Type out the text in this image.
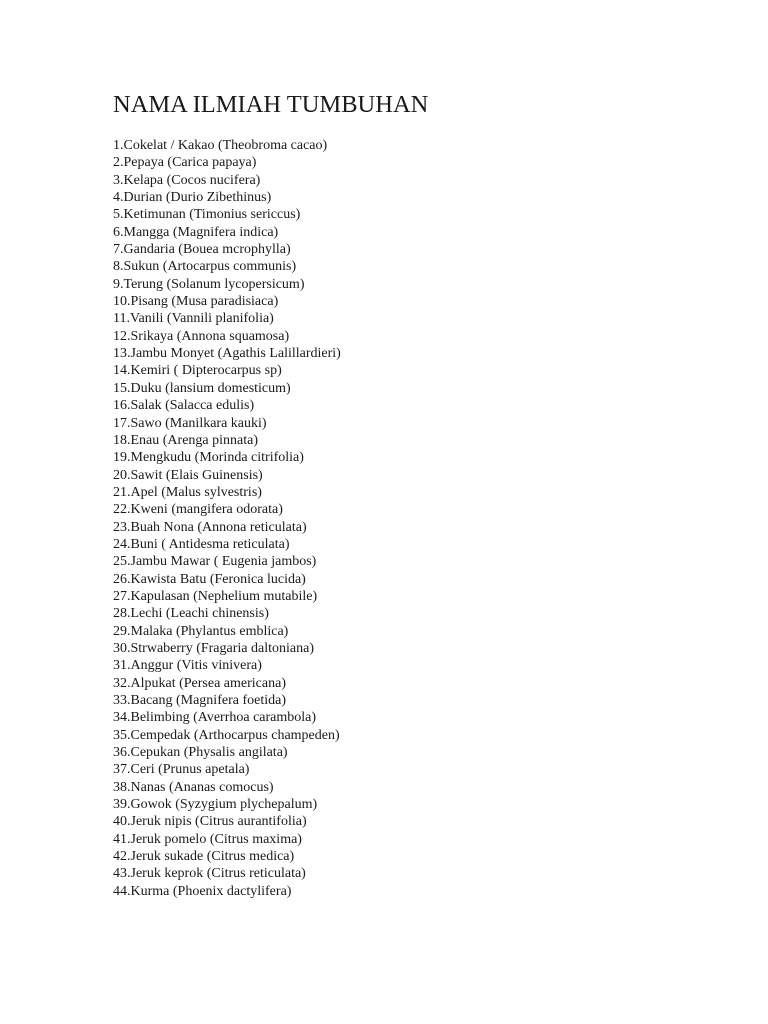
NAMA ILMIAH TUMBUHAN
1.Cokelat / Kakao (Theobroma cacao)
2.Pepaya (Carica papaya)
3.Kelapa (Cocos nucifera)
4.Durian (Durio Zibethinus)
5.Ketimunan (Timonius sericcus)
6.Mangga (Magnifera indica)
7.Gandaria (Bouea mcrophylla)
8.Sukun (Artocarpus communis)
9.Terung (Solanum lycopersicum)
10.Pisang (Musa paradisiaca)
11.Vanili (Vannili planifolia)
12.Srikaya (Annona squamosa)
13.Jambu Monyet (Agathis Lalillardieri)
14.Kemiri ( Dipterocarpus sp)
15.Duku (lansium domesticum)
16.Salak (Salacca edulis)
17.Sawo (Manilkara kauki)
18.Enau (Arenga pinnata)
19.Mengkudu (Morinda citrifolia)
20.Sawit (Elais Guinensis)
21.Apel (Malus sylvestris)
22.Kweni (mangifera odorata)
23.Buah Nona (Annona reticulata)
24.Buni ( Antidesma reticulata)
25.Jambu Mawar ( Eugenia jambos)
26.Kawista Batu (Feronica lucida)
27.Kapulasan (Nephelium mutabile)
28.Lechi (Leachi chinensis)
29.Malaka (Phylantus emblica)
30.Strwaberry (Fragaria daltoniana)
31.Anggur (Vitis vinivera)
32.Alpukat (Persea americana)
33.Bacang (Magnifera foetida)
34.Belimbing (Averrhoa carambola)
35.Cempedak (Arthocarpus champeden)
36.Cepukan (Physalis angilata)
37.Ceri (Prunus apetala)
38.Nanas (Ananas comocus)
39.Gowok (Syzygium plychepalum)
40.Jeruk nipis (Citrus aurantifolia)
41.Jeruk pomelo (Citrus maxima)
42.Jeruk sukade (Citrus medica)
43.Jeruk keprok (Citrus reticulata)
44.Kurma (Phoenix dactylifera)
